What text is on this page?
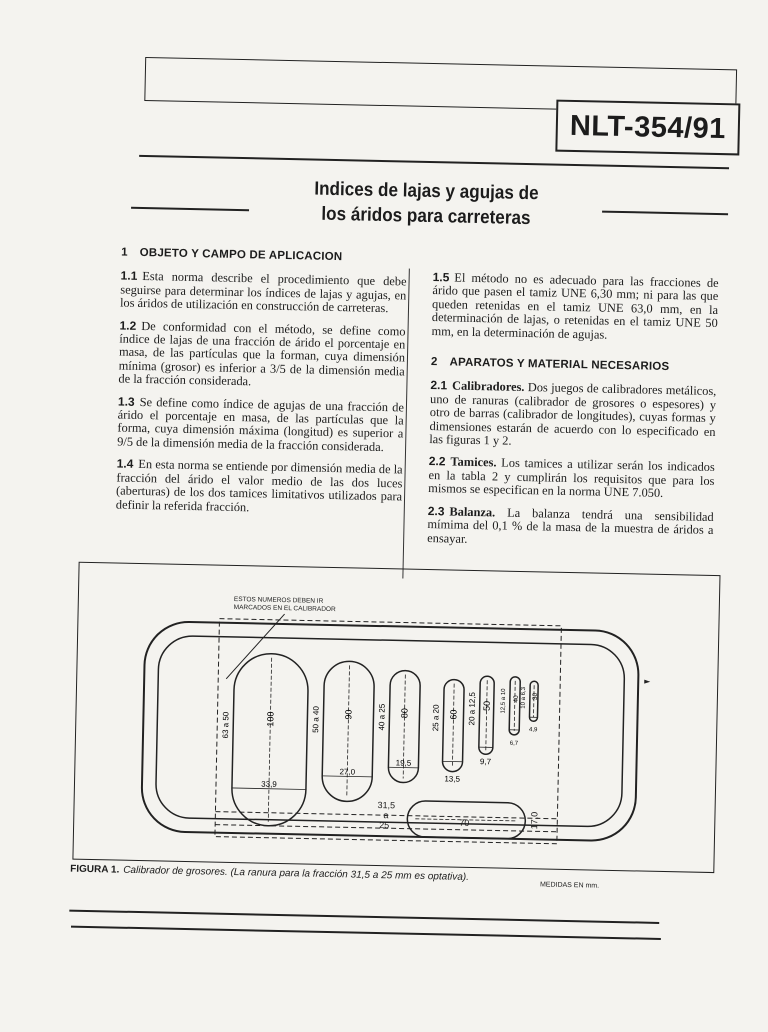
NLT-354/91
Indices de lajas y agujas de
los áridos para carreteras
1 OBJETO Y CAMPO DE APLICACION

1.1 Esta norma describe el procedimiento que debe seguirse para determinar los índices de lajas y agujas, en los áridos de utilización en construcción de carreteras.

1.2 De conformidad con el método, se define como índice de lajas de una fracción de árido el porcentaje en masa, de las partículas que la forman, cuya dimensión mínima (grosor) es inferior a 3/5 de la dimensión media de la fracción considerada.

1.3 Se define como índice de agujas de una fracción de árido el porcentaje en masa, de las partículas que la forma, cuya dimensión máxima (longitud) es superior a 9/5 de la dimensión media de la fracción considerada.

1.4 En esta norma se entiende por dimensión media de la fracción del árido el valor medio de las dos luces (aberturas) de los dos tamices limitativos utilizados para definir la referida fracción.

1.5 El método no es adecuado para las fracciones de árido que pasen el tamiz UNE 6,30 mm; ni para las que queden retenidas en el tamiz UNE 63,0 mm, en la determinación de lajas, o retenidas en el tamiz UNE 50 mm, en la determinación de agujas.

2 APARATOS Y MATERIAL NECESARIOS

2.1 Calibradores. Dos juegos de calibradores metálicos, uno de ranuras (calibrador de grosores o espesores) y otro de barras (calibrador de longitudes), cuyas formas y dimensiones estarán de acuerdo con lo especificado en las figuras 1 y 2.

2.2 Tamices. Los tamices a utilizar serán los indicados en la tabla 2 y cumplirán los requisitos que para los mismos se especifican en la norma UNE 7.050.

2.3 Balanza. La balanza tendrá una sensibilidad mímima del 0,1 % de la masa de la muestra de áridos a ensayar.

ESTOS NUMEROS DEBEN IR
MARCADOS EN EL CALIBRADOR
100
63 a 50
33,9
90
50 a 40
27,0
80
40 a 25
19,5
60
25 a 20
13,5
50
20 a 12,5
9,7
40
12,5 a 10
6,7
30
10 a 6,3
4,9
70	17,0
31,5
a
25
FIGURA 1. Calibrador de grosores. (La ranura para la fracción 31,5 a 25 mm es optativa).
MEDIDAS EN mm.
